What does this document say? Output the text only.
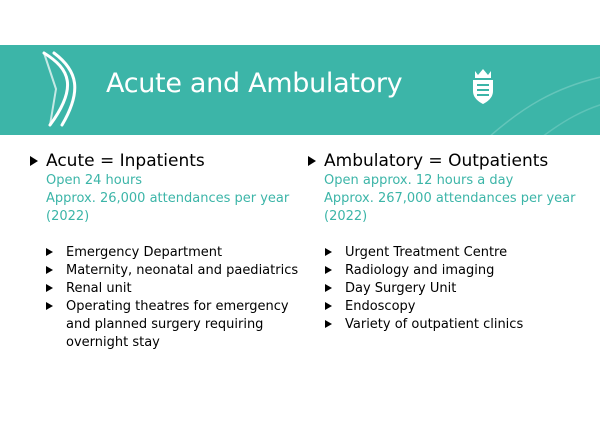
Acute and Ambulatory
Acute = Inpatients
Open 24 hours
Approx. 26,000 attendances per year
(2022)
Emergency Department
Maternity, neonatal and paediatrics
Renal unit
Operating theatres for emergency and planned surgery requiring overnight stay
Ambulatory = Outpatients
Open approx. 12 hours a day
Approx. 267,000 attendances per year
(2022)
Urgent Treatment Centre
Radiology and imaging
Day Surgery Unit
Endoscopy
Variety of outpatient clinics
